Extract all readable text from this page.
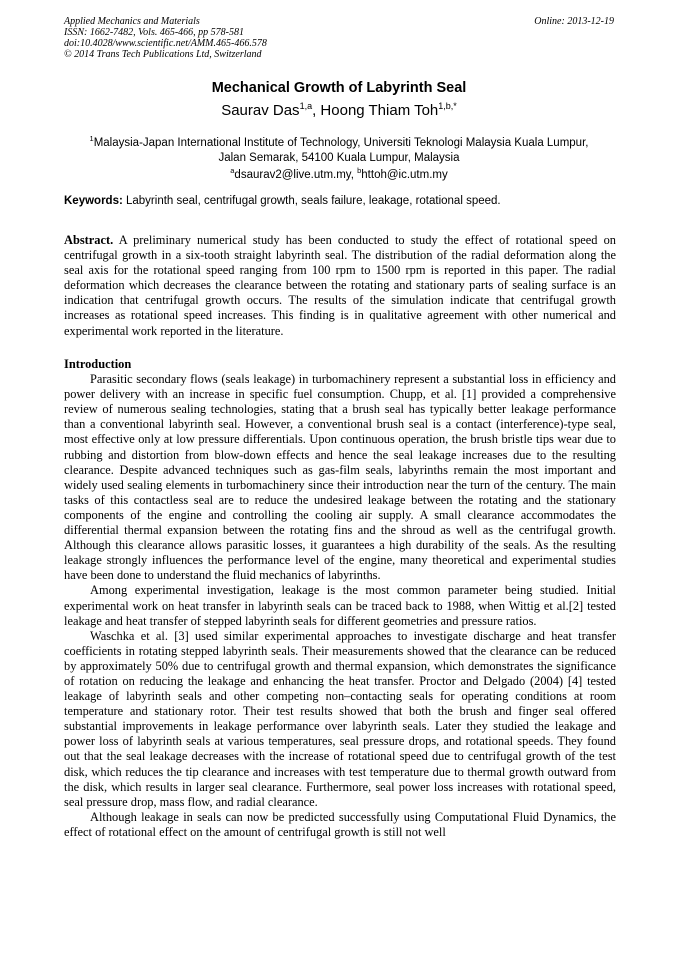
Applied Mechanics and Materials
ISSN: 1662-7482, Vols. 465-466, pp 578-581
doi:10.4028/www.scientific.net/AMM.465-466.578
© 2014 Trans Tech Publications Ltd, Switzerland
Online: 2013-12-19
Mechanical Growth of Labyrinth Seal
Saurav Das$^{1,a}$, Hoong Thiam Toh$^{1,b,*}$
$^1$Malaysia-Japan International Institute of Technology, Universiti Teknologi Malaysia Kuala Lumpur,
Jalan Semarak, 54100 Kuala Lumpur, Malaysia
$^a$dsaurav2@live.utm.my, $^b$httoh@ic.utm.my
Keywords: Labyrinth seal, centrifugal growth, seals failure, leakage, rotational speed.

Abstract. A preliminary numerical study has been conducted to study the effect of rotational speed on centrifugal growth in a six-tooth straight labyrinth seal. The distribution of the radial deformation along the seal axis for the rotational speed ranging from 100 rpm to 1500 rpm is reported in this paper. The radial deformation which decreases the clearance between the rotating and stationary parts of sealing surface is an indication that centrifugal growth occurs. The results of the simulation indicate that centrifugal growth increases as rotational speed increases. This finding is in qualitative agreement with other numerical and experimental work reported in the literature.

Introduction

Parasitic secondary flows (seals leakage) in turbomachinery represent a substantial loss in efficiency and power delivery with an increase in specific fuel consumption. Chupp, et al. [1] provided a comprehensive review of numerous sealing technologies, stating that a brush seal has typically better leakage performance than a conventional labyrinth seal. However, a conventional brush seal is a contact (interference)-type seal, most effective only at low pressure differentials. Upon continuous operation, the brush bristle tips wear due to rubbing and distortion from blow-down effects and hence the seal leakage increases due to the resulting clearance. Despite advanced techniques such as gas-film seals, labyrinths remain the most important and widely used sealing elements in turbomachinery since their introduction near the turn of the century. The main tasks of this contactless seal are to reduce the undesired leakage between the rotating and the stationary components of the engine and controlling the cooling air supply. A small clearance accommodates the differential thermal expansion between the rotating fins and the shroud as well as the centrifugal growth. Although this clearance allows parasitic losses, it guarantees a high durability of the seals. As the resulting leakage strongly influences the performance level of the engine, many theoretical and experimental studies have been done to understand the fluid mechanics of labyrinths.

Among experimental investigation, leakage is the most common parameter being studied. Initial experimental work on heat transfer in labyrinth seals can be traced back to 1988, when Wittig et al.[2] tested leakage and heat transfer of stepped labyrinth seals for different geometries and pressure ratios.

Waschka et al. [3] used similar experimental approaches to investigate discharge and heat transfer coefficients in rotating stepped labyrinth seals. Their measurements showed that the clearance can be reduced by approximately 50% due to centrifugal growth and thermal expansion, which demonstrates the significance of rotation on reducing the leakage and enhancing the heat transfer. Proctor and Delgado (2004) [4] tested leakage of labyrinth seals and other competing non–contacting seals for operating conditions at room temperature and stationary rotor. Their test results showed that both the brush and finger seal offered substantial improvements in leakage performance over labyrinth seals. Later they studied the leakage and power loss of labyrinth seals at various temperatures, seal pressure drops, and rotational speeds. They found out that the seal leakage decreases with the increase of rotational speed due to centrifugal growth of the test disk, which reduces the tip clearance and increases with test temperature due to thermal growth outward from the disk, which results in larger seal clearance. Furthermore, seal power loss increases with rotational speed, seal pressure drop, mass flow, and radial clearance.

Although leakage in seals can now be predicted successfully using Computational Fluid Dynamics, the effect of rotational effect on the amount of centrifugal growth is still not well
